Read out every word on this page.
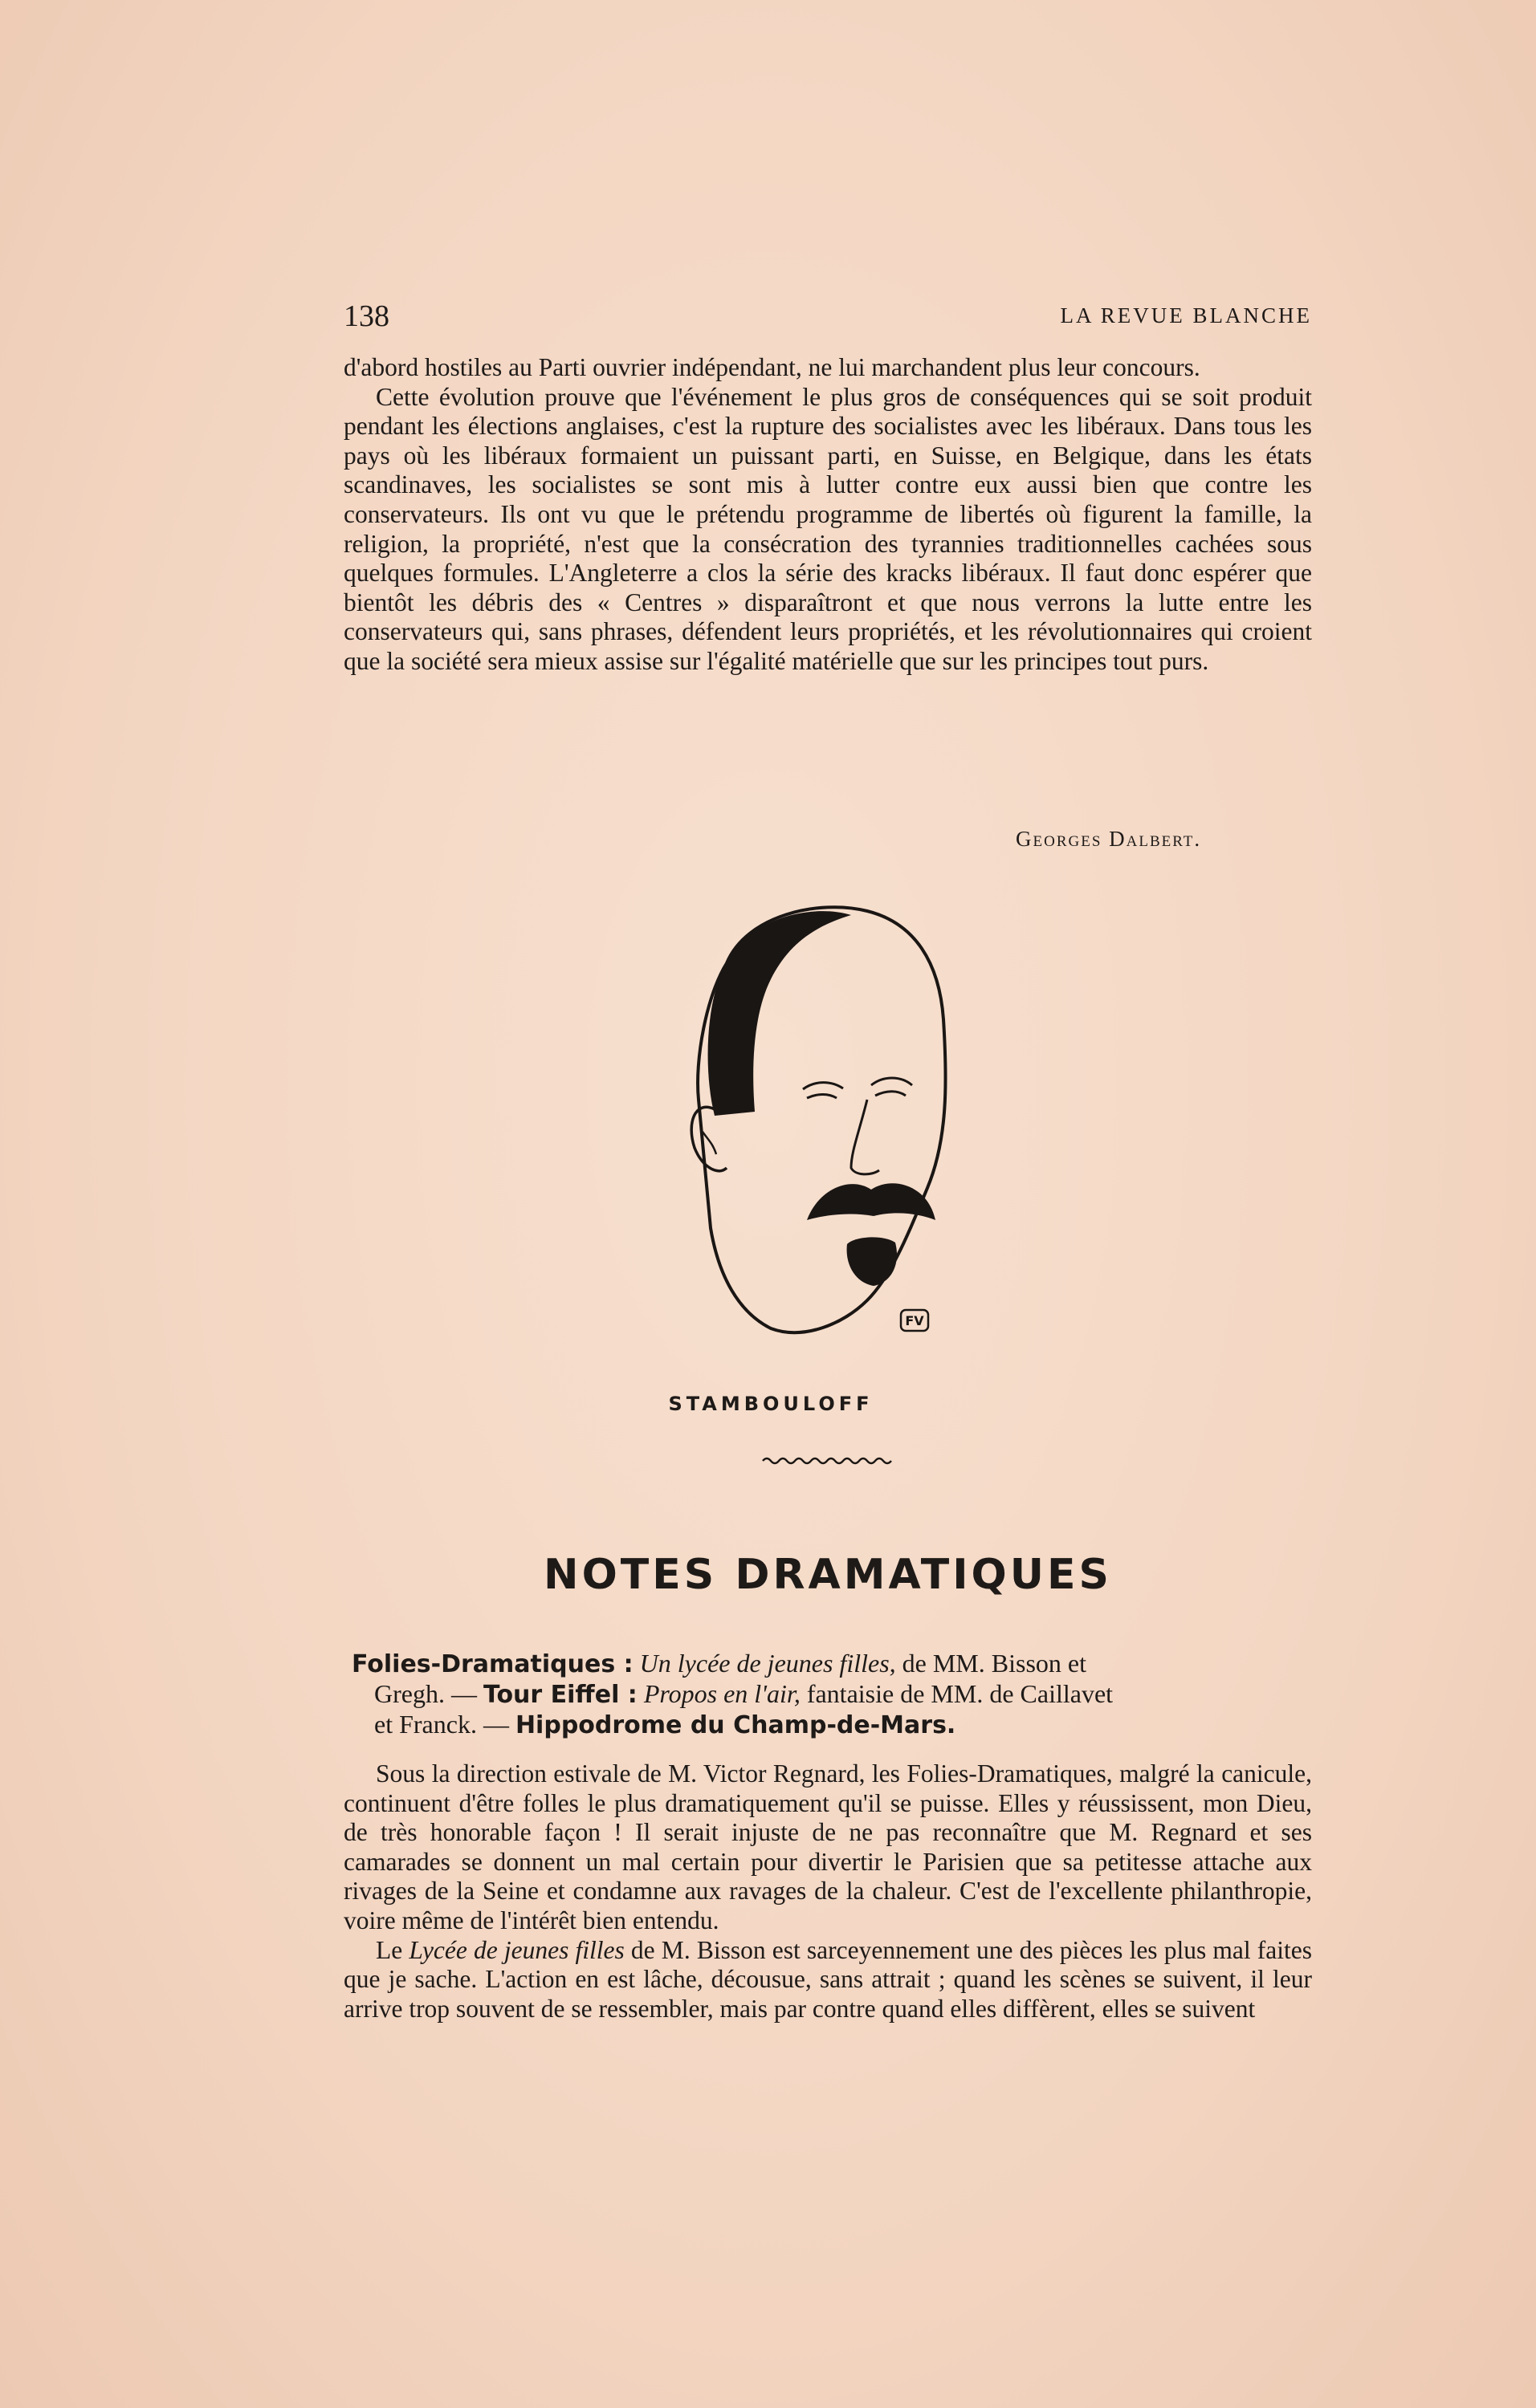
138	LA REVUE BLANCHE

d'abord hostiles au Parti ouvrier indépendant, ne lui marchandent plus leur concours.

Cette évolution prouve que l'événement le plus gros de conséquences qui se soit produit pendant les élections anglaises, c'est la rupture des socialistes avec les libéraux. Dans tous les pays où les libéraux formaient un puissant parti, en Suisse, en Belgique, dans les états scandinaves, les socialistes se sont mis à lutter contre eux aussi bien que contre les conservateurs. Ils ont vu que le prétendu programme de libertés où figurent la famille, la religion, la propriété, n'est que la consécration des tyrannies traditionnelles cachées sous quelques formules. L'Angleterre a clos la série des kracks libéraux. Il faut donc espérer que bientôt les débris des « Centres » disparaîtront et que nous verrons la lutte entre les conservateurs qui, sans phrases, défendent leurs propriétés, et les révolutionnaires qui croient que la société sera mieux assise sur l'égalité matérielle que sur les principes tout purs.

Georges Dalbert.
FV
STAMBOULOFF
NOTES DRAMATIQUES
Folies-Dramatiques : Un lycée de jeunes filles, de MM. Bisson et
Gregh. — Tour Eiffel : Propos en l'air, fantaisie de MM. de Caillavet
et Franck. — Hippodrome du Champ-de-Mars.

Sous la direction estivale de M. Victor Regnard, les Folies-Dramatiques, malgré la canicule, continuent d'être folles le plus dramatiquement qu'il se puisse. Elles y réussissent, mon Dieu, de très honorable façon ! Il serait injuste de ne pas reconnaître que M. Regnard et ses camarades se donnent un mal certain pour divertir le Parisien que sa petitesse attache aux rivages de la Seine et condamne aux ravages de la chaleur. C'est de l'excellente philanthropie, voire même de l'intérêt bien entendu.

Le Lycée de jeunes filles de M. Bisson est sarceyennement une des pièces les plus mal faites que je sache. L'action en est lâche, décousue, sans attrait ; quand les scènes se suivent, il leur arrive trop souvent de se ressembler, mais par contre quand elles diffèrent, elles se suivent
